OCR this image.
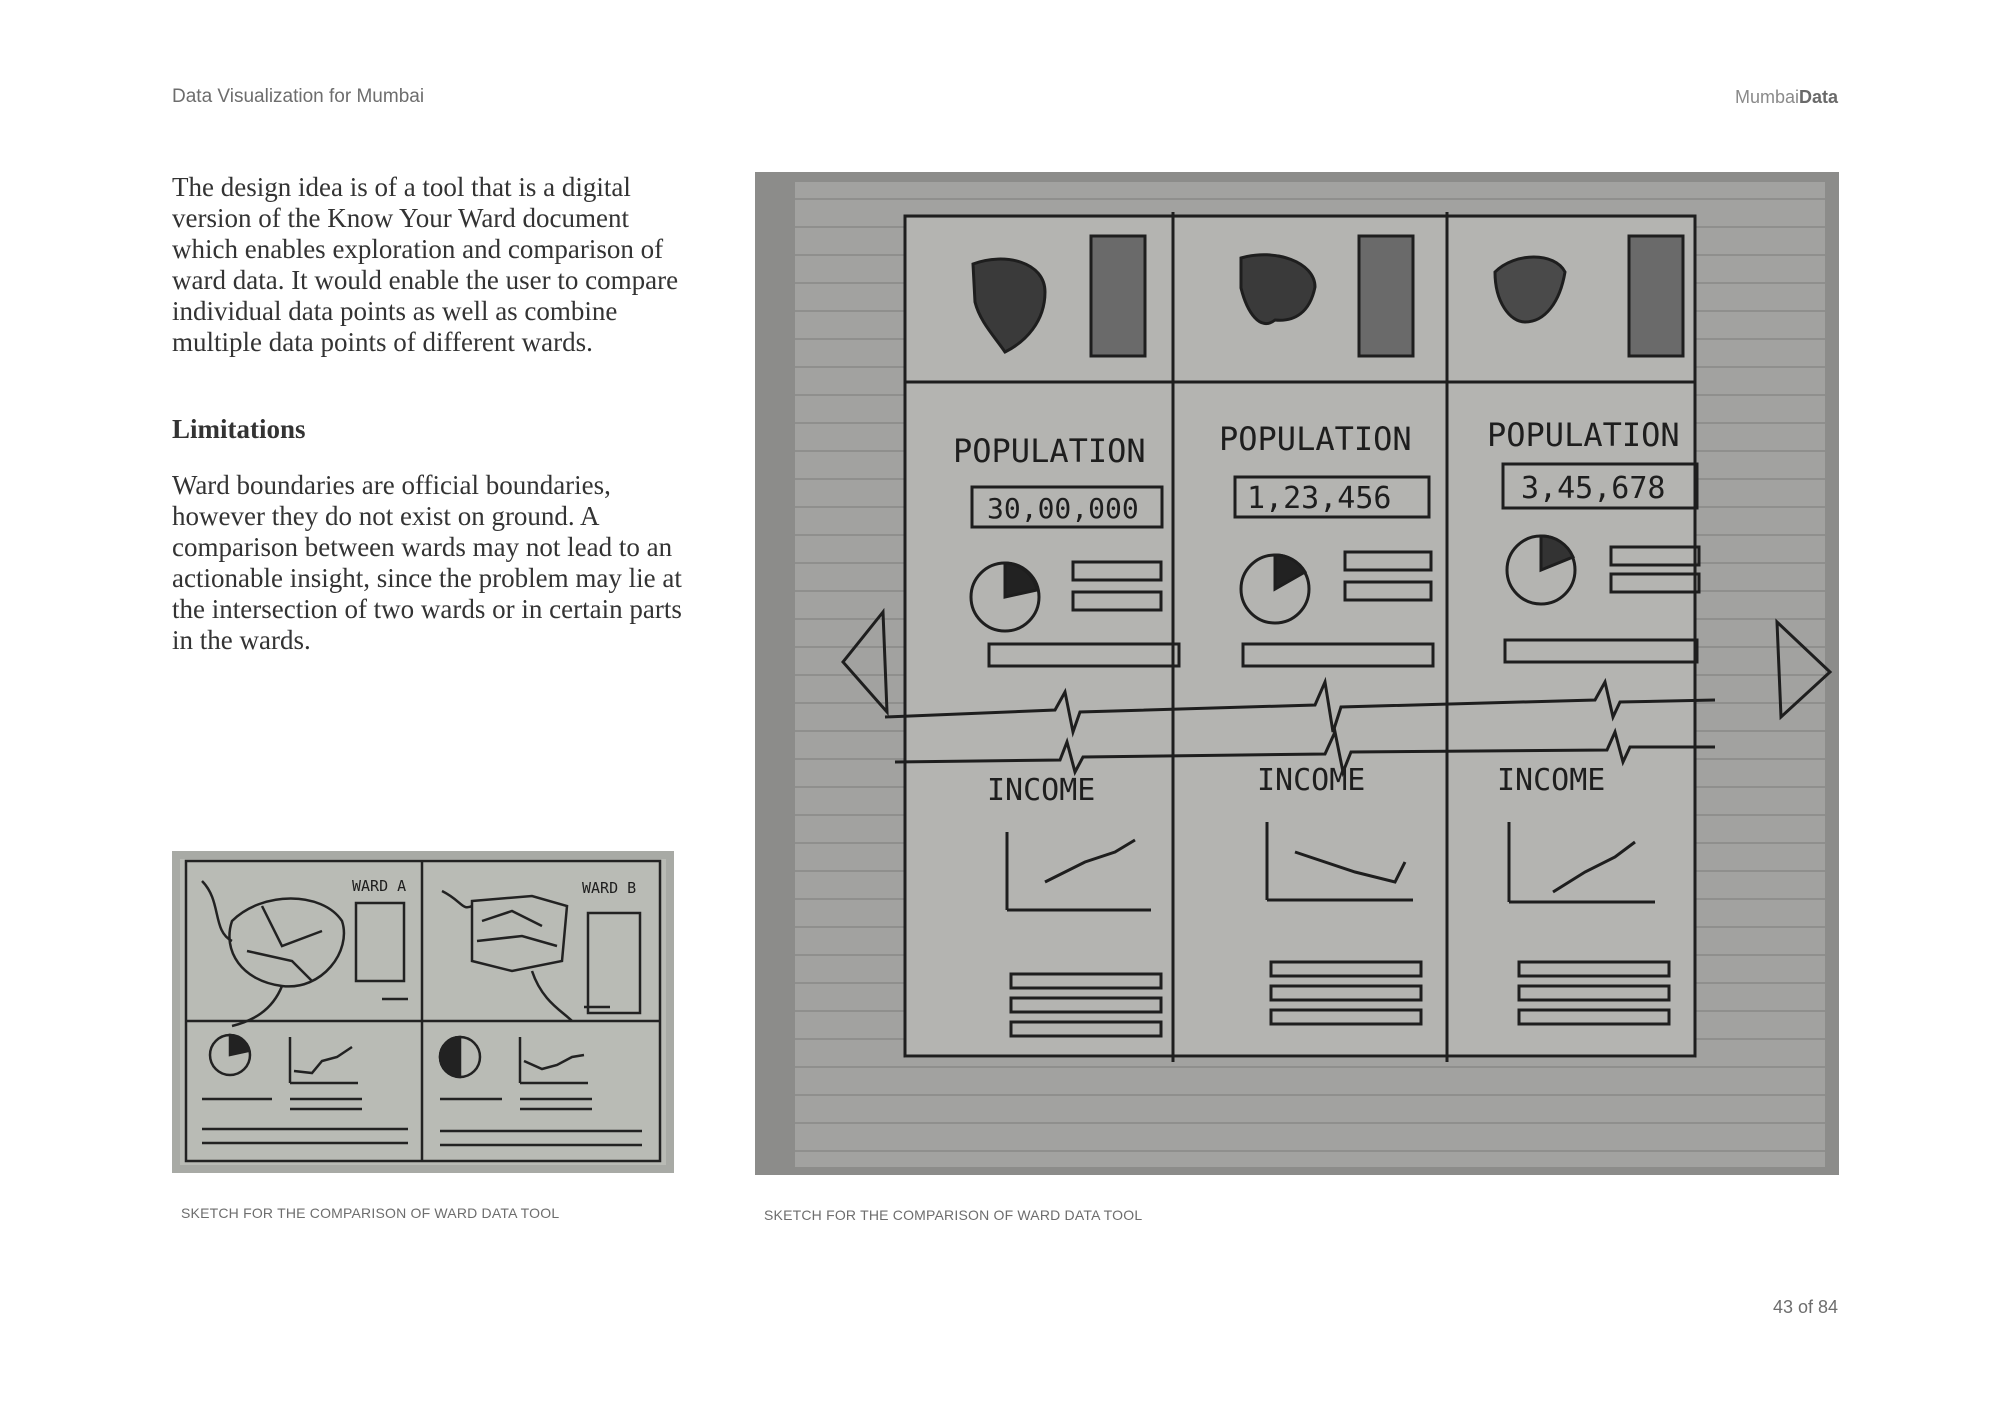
Data Visualization for Mumbai	MumbaiData

The design idea is of a tool that is a digital version of the Know Your Ward document which enables exploration and comparison of ward data. It would enable the user to compare individual data points as well as combine multiple data points of different wards.

Limitations

Ward boundaries are official boundaries, however they do not exist on ground. A comparison between wards may not lead to an actionable insight, since the problem may lie at the intersection of two wards or in certain parts in the wards.

WARD A	WARD B
POPULATION
30,00,000
INCOME
POPULATION
1,23,456
INCOME
POPULATION
3,45,678
INCOME
SKETCH FOR THE COMPARISON OF WARD DATA TOOL	SKETCH FOR THE COMPARISON OF WARD DATA TOOL
43 of 84
